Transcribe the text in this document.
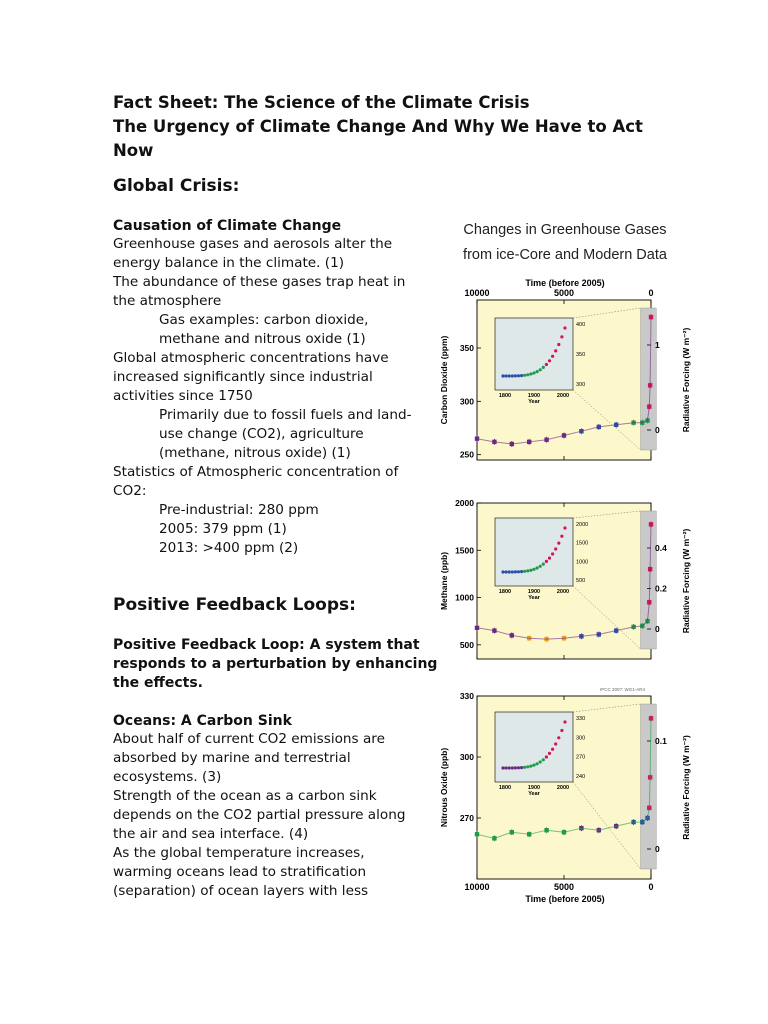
Fact Sheet: The Science of the Climate Crisis
The Urgency of Climate Change And Why We Have to Act
Now
Global Crisis:
Causation of Climate Change
Greenhouse gases and aerosols alter the
energy balance in the climate. (1)
The abundance of these gases trap heat in
the atmosphere
Gas examples: carbon dioxide,
methane and nitrous oxide (1)
Global atmospheric concentrations have
increased significantly since industrial
activities since 1750
Primarily due to fossil fuels and land-
use change (CO2), agriculture
(methane, nitrous oxide) (1)
Statistics of Atmospheric concentration of
CO2:
Pre-industrial: 280 ppm
2005: 379 ppm (1)
2013: >400 ppm (2)
Positive Feedback Loops:
Positive Feedback Loop: A system that
responds to a perturbation by enhancing
the effects.
Oceans: A Carbon Sink
About half of current CO2 emissions are
absorbed by marine and terrestrial
ecosystems. (3)
Strength of the ocean as a carbon sink
depends on the CO2 partial pressure along
the air and sea interface. (4)
As the global temperature increases,
warming oceans lead to stratification
(separation) of ocean layers with less
Changes in Greenhouse Gases
from ice-Core and Modern Data
Time (before 2005)
10000	5000	0
250
300
350
0
1
Carbon Dioxide (ppm)	Radiative Forcing (W m⁻²)
1800	1900	2000
Year
300
350
400
500
1000
1500
2000
0
0.2
0.4
Methane (ppb)	Radiative Forcing (W m⁻²)
1800	1900	2000
Year
500
1000
1500
2000
270
300
330
0
0.1
Nitrous Oxide (ppb)	Radiative Forcing (W m⁻²)
1800	1900	2000
Year
240
270
300
330
IPCC 2007: WG1-AR4
10000	5000	0
Time (before 2005)
